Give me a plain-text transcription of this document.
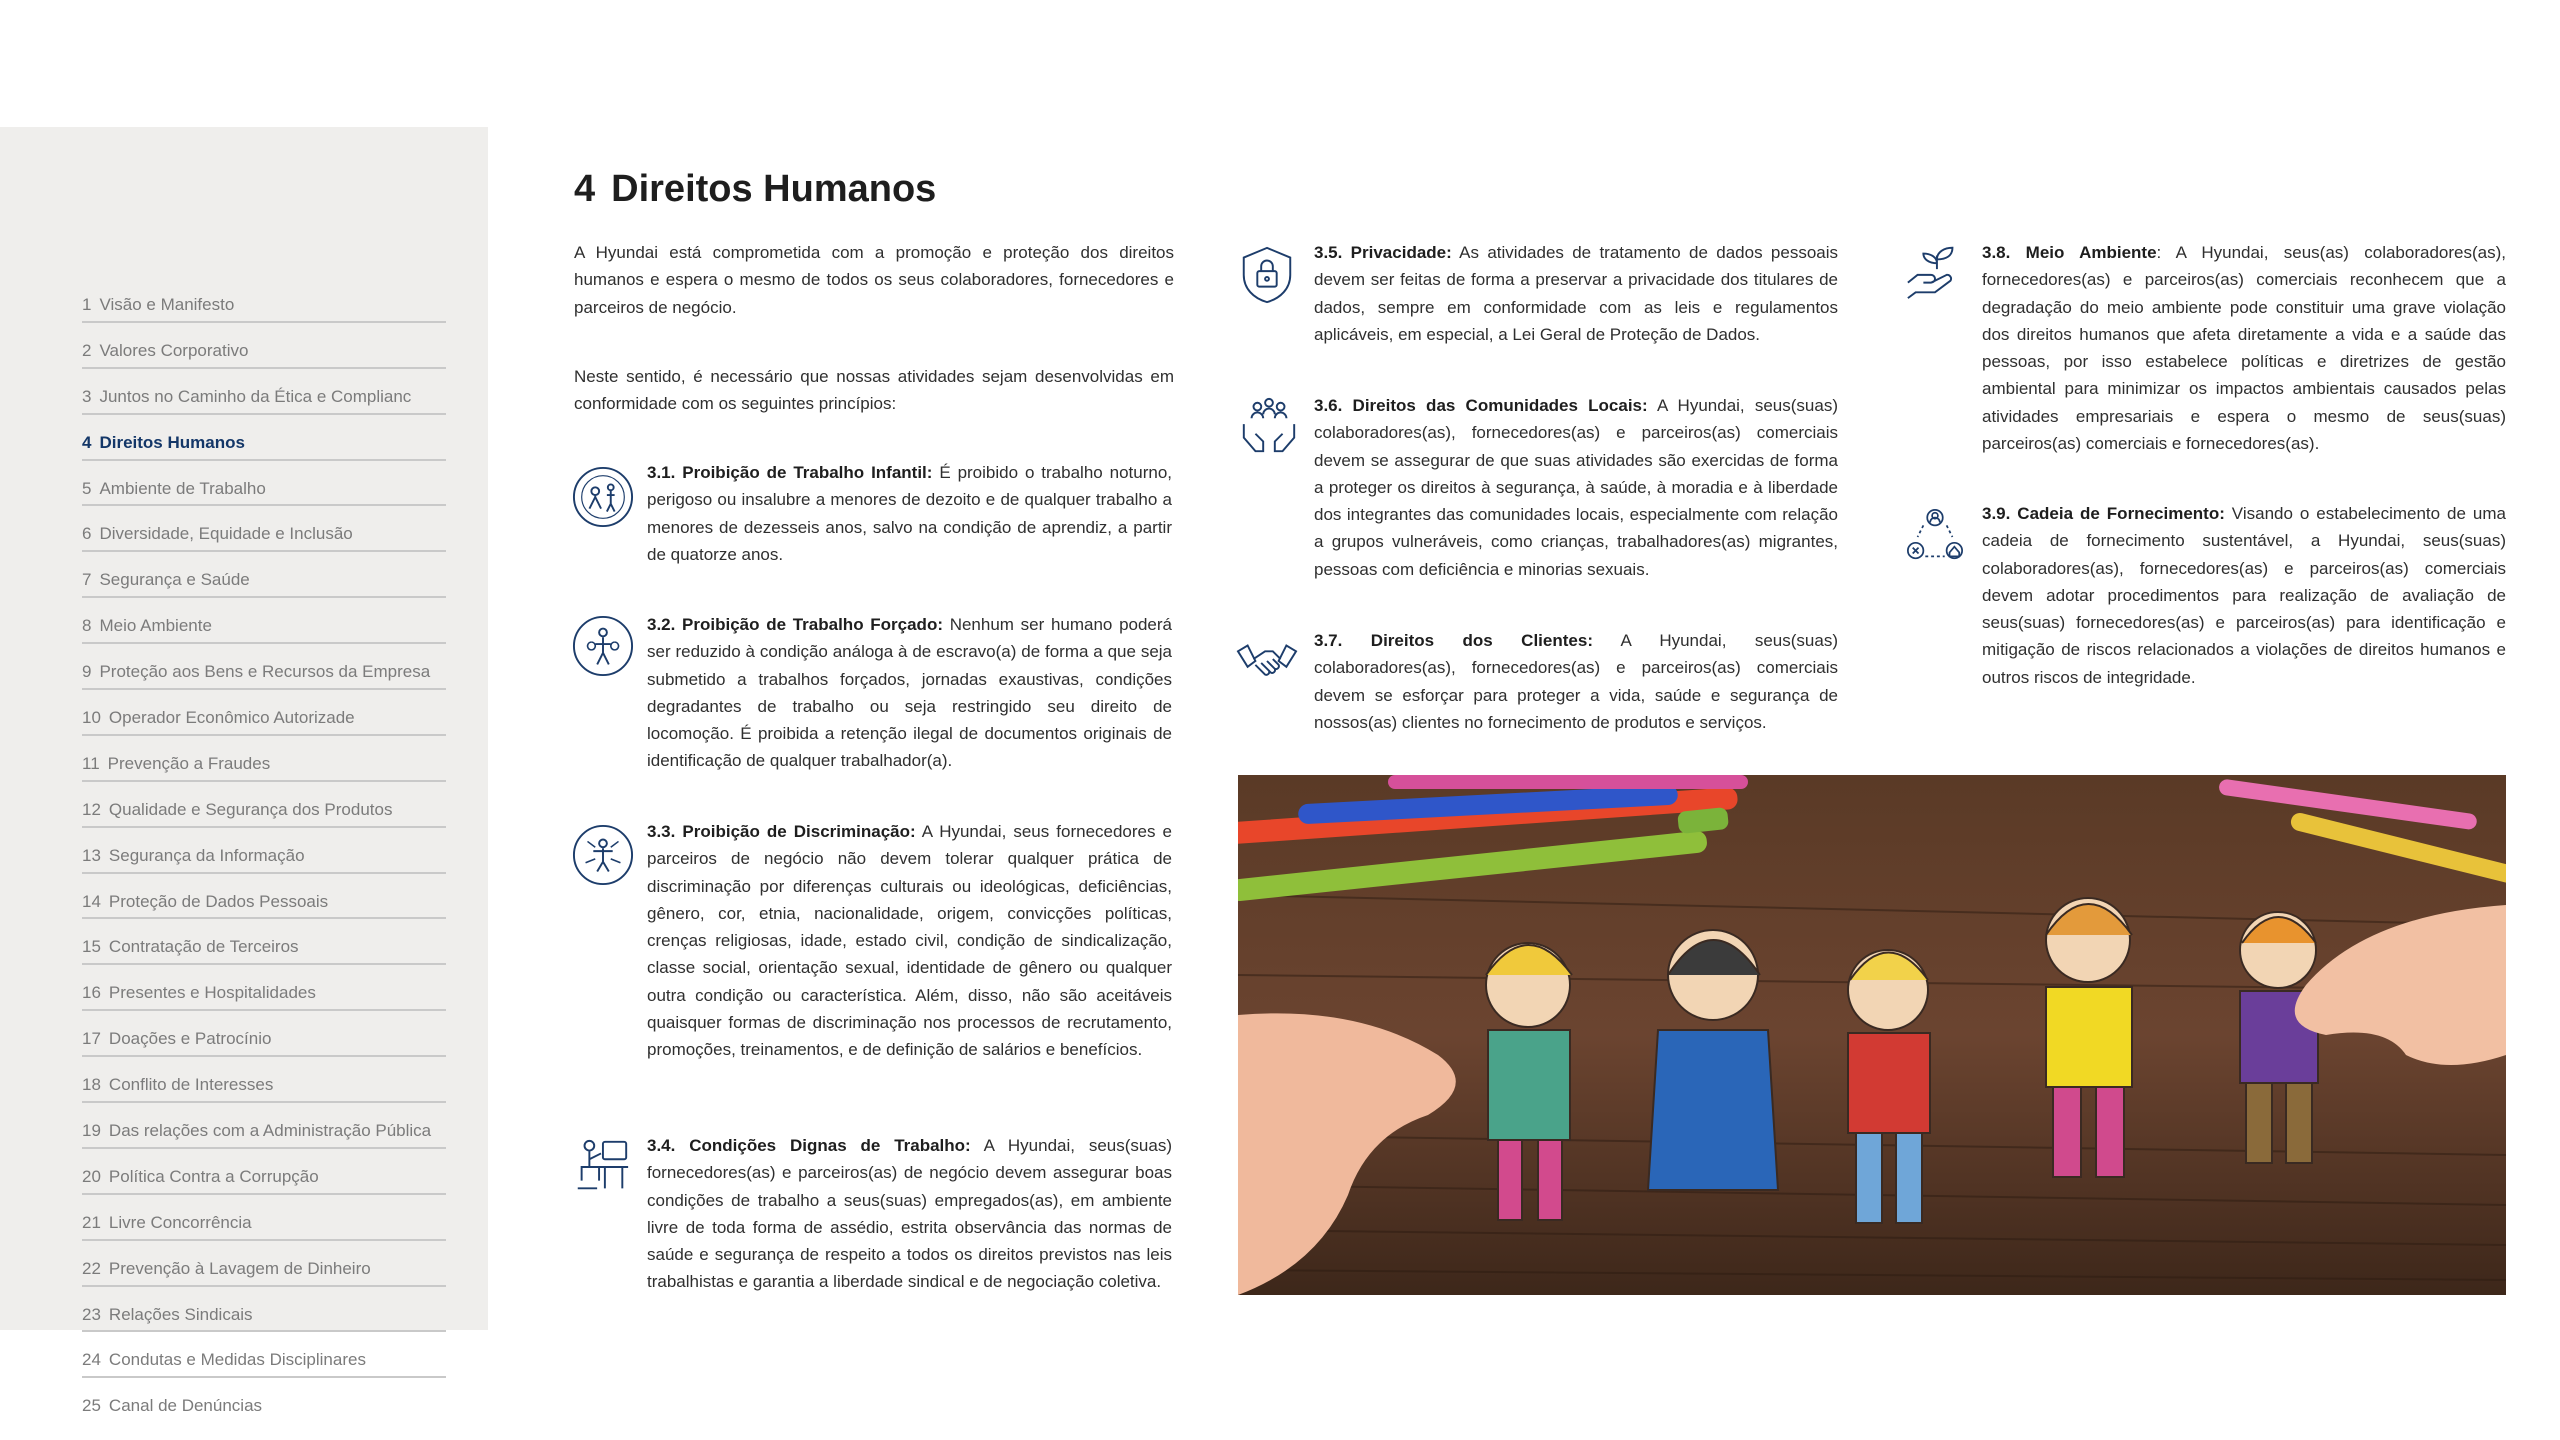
1 Visão e Manifesto
2 Valores Corporativo
3 Juntos no Caminho da Ética e Complianc
4 Direitos Humanos
5 Ambiente de Trabalho
6 Diversidade, Equidade e Inclusão
7 Segurança e Saúde
8 Meio Ambiente
9 Proteção aos Bens e Recursos da Empresa
10 Operador Econômico Autorizade
11 Prevenção a Fraudes
12 Qualidade e Segurança dos Produtos
13 Segurança da Informação
14 Proteção de Dados Pessoais
15 Contratação de Terceiros
16 Presentes e Hospitalidades
17 Doações e Patrocínio
18 Conflito de Interesses
19 Das relações com a Administração Pública
20 Política Contra a Corrupção
21 Livre Concorrência
22 Prevenção à Lavagem de Dinheiro
23 Relações Sindicais
24 Condutas e Medidas Disciplinares
25 Canal de Denúncias
4 Direitos Humanos

A Hyundai está comprometida com a promoção e proteção dos direitos humanos e espera o mesmo de todos os seus colaboradores, fornecedores e parceiros de negócio.

Neste sentido, é necessário que nossas atividades sejam desenvolvidas em conformidade com os seguintes princípios:

3.1. Proibição de Trabalho Infantil: É proibido o trabalho noturno, perigoso ou insalubre a menores de dezoito e de qualquer trabalho a menores de dezesseis anos, salvo na condição de aprendiz, a partir de quatorze anos.

3.2. Proibição de Trabalho Forçado: Nenhum ser humano poderá ser reduzido à condição análoga à de escravo(a) de forma a que seja submetido a trabalhos forçados, jornadas exaustivas, condições degradantes de trabalho ou seja restringido seu direito de locomoção. É proibida a retenção ilegal de documentos originais de identificação de qualquer trabalhador(a).

3.3. Proibição de Discriminação: A Hyundai, seus fornecedores e parceiros de negócio não devem tolerar qualquer prática de discriminação por diferenças culturais ou ideológicas, deficiências, gênero, cor, etnia, nacionalidade, origem, convicções políticas, crenças religiosas, idade, estado civil, condição de sindicalização, classe social, orientação sexual, identidade de gênero ou qualquer outra condição ou característica. Além, disso, não são aceitáveis quaisquer formas de discriminação nos processos de recrutamento, promoções, treinamentos, e de definição de salários e benefícios.

3.4. Condições Dignas de Trabalho: A Hyundai, seus(suas) fornecedores(as) e parceiros(as) de negócio devem assegurar boas condições de trabalho a seus(suas) empregados(as), em ambiente livre de toda forma de assédio, estrita observância das normas de saúde e segurança de respeito a todos os direitos previstos nas leis trabalhistas e garantia a liberdade sindical e de negociação coletiva.

3.5. Privacidade: As atividades de tratamento de dados pessoais devem ser feitas de forma a preservar a privacidade dos titulares de dados, sempre em conformidade com as leis e regulamentos aplicáveis, em especial, a Lei Geral de Proteção de Dados.

3.6. Direitos das Comunidades Locais: A Hyundai, seus(suas) colaboradores(as), fornecedores(as) e parceiros(as) comerciais devem se assegurar de que suas atividades são exercidas de forma a proteger os direitos à segurança, à saúde, à moradia e à liberdade dos integrantes das comunidades locais, especialmente com relação a grupos vulneráveis, como crianças, trabalhadores(as) migrantes, pessoas com deficiência e minorias sexuais.

3.7. Direitos dos Clientes: A Hyundai, seus(suas) colaboradores(as), fornecedores(as) e parceiros(as) comerciais devem se esforçar para proteger a vida, saúde e segurança de nossos(as) clientes no fornecimento de produtos e serviços.

3.8. Meio Ambiente: A Hyundai, seus(as) colaboradores(as), fornecedores(as) e parceiros(as) comerciais reconhecem que a degradação do meio ambiente pode constituir uma grave violação dos direitos humanos que afeta diretamente a vida e a saúde das pessoas, por isso estabelece políticas e diretrizes de gestão ambiental para minimizar os impactos ambientais causados pelas atividades empresariais e espera o mesmo de seus(suas) parceiros(as) comerciais e fornecedores(as).

3.9. Cadeia de Fornecimento: Visando o estabelecimento de uma cadeia de fornecimento sustentável, a Hyundai, seus(suas) colaboradores(as), fornecedores(as) e parceiros(as) comerciais devem adotar procedimentos para realização de avaliação de seus(suas) fornecedores(as) e parceiros(as) para identificação e mitigação de riscos relacionados a violações de direitos humanos e outros riscos de integridade.
